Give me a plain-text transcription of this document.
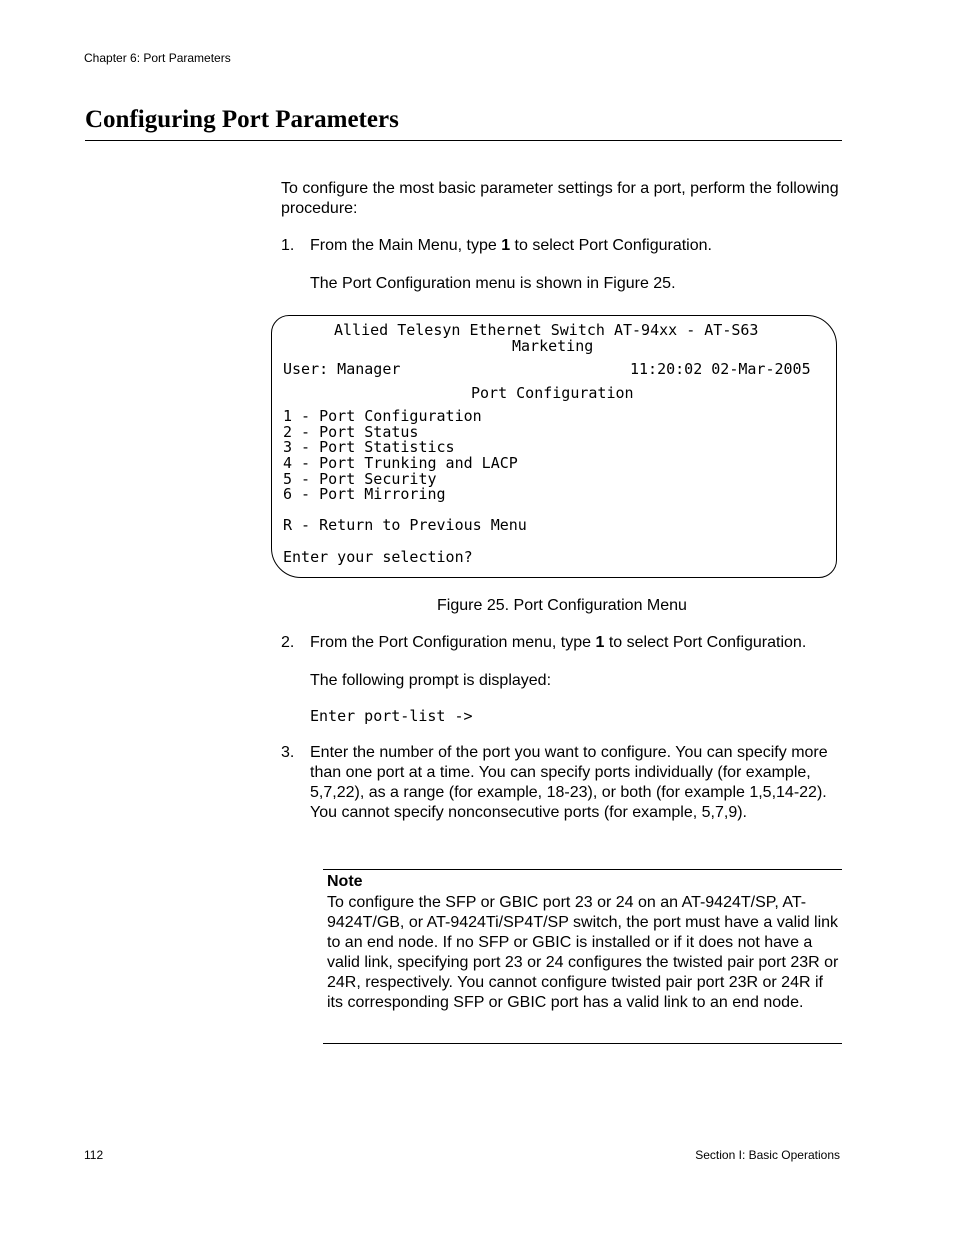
Chapter 6: Port Parameters
Configuring Port Parameters
To configure the most basic parameter settings for a port, perform the following procedure:
1. From the Main Menu, type 1 to select Port Configuration.
The Port Configuration menu is shown in Figure 25.
Allied Telesyn Ethernet Switch AT-94xx - AT-S63
Marketing
User: Manager	11:20:02 02-Mar-2005
Port Configuration
1 - Port Configuration
2 - Port Status
3 - Port Statistics
4 - Port Trunking and LACP
5 - Port Security
6 - Port Mirroring
R - Return to Previous Menu
Enter your selection?
Figure 25. Port Configuration Menu
2. From the Port Configuration menu, type 1 to select Port Configuration.
The following prompt is displayed:
Enter port-list ->
3. Enter the number of the port you want to configure. You can specify more than one port at a time. You can specify ports individually (for example, 5,7,22), as a range (for example, 18-23), or both (for example 1,5,14-22). You cannot specify nonconsecutive ports (for example, 5,7,9).
Note
To configure the SFP or GBIC port 23 or 24 on an AT-9424T/SP, AT-9424T/GB, or AT-9424Ti/SP4T/SP switch, the port must have a valid link to an end node. If no SFP or GBIC is installed or if it does not have a valid link, specifying port 23 or 24 configures the twisted pair port 23R or 24R, respectively. You cannot configure twisted pair port 23R or 24R if its corresponding SFP or GBIC port has a valid link to an end node.
112	Section I: Basic Operations
